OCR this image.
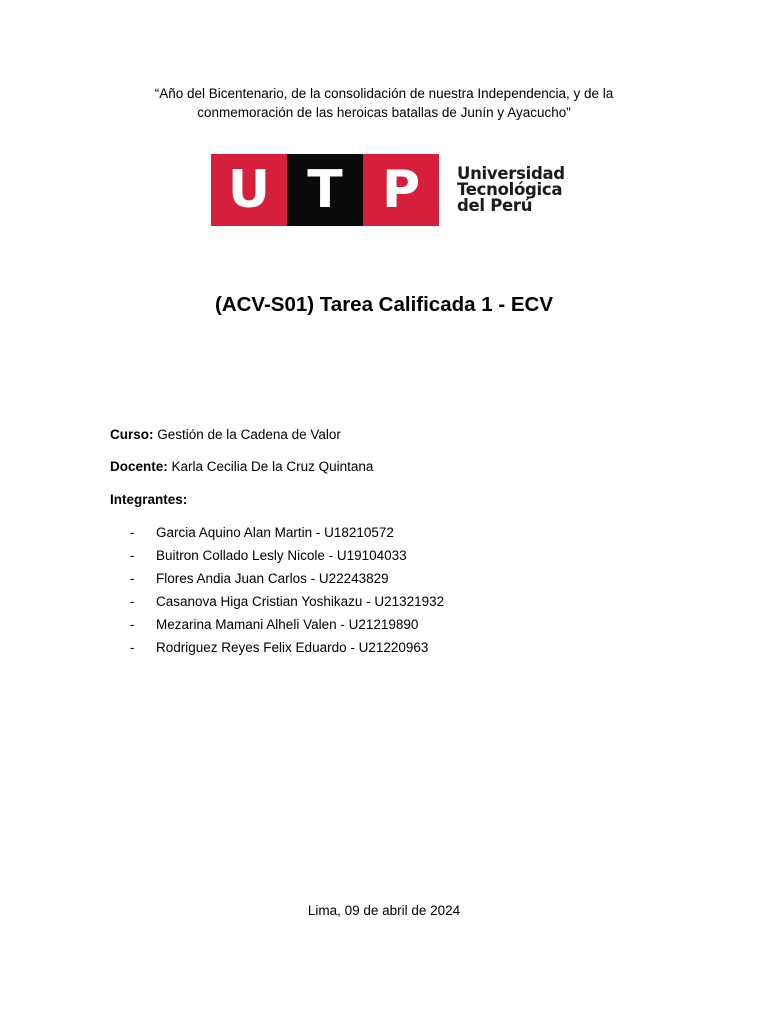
“Año del Bicentenario, de la consolidación de nuestra Independencia, y de la
conmemoración de las heroicas batallas de Junín y Ayacucho”
U T P	Universidad
Tecnológica
del Perú
(ACV-S01) Tarea Calificada 1 - ECV
Curso: Gestión de la Cadena de Valor
Docente: Karla Cecilia De la Cruz Quintana
Integrantes:
-	Garcia Aquino Alan Martin - U18210572
-	Buitron Collado Lesly Nicole - U19104033
-	Flores Andia Juan Carlos - U22243829
-	Casanova Higa Cristian Yoshikazu - U21321932
-	Mezarina Mamani Alheli Valen - U21219890
-	Rodriguez Reyes Felix Eduardo - U21220963
Lima, 09 de abril de 2024
